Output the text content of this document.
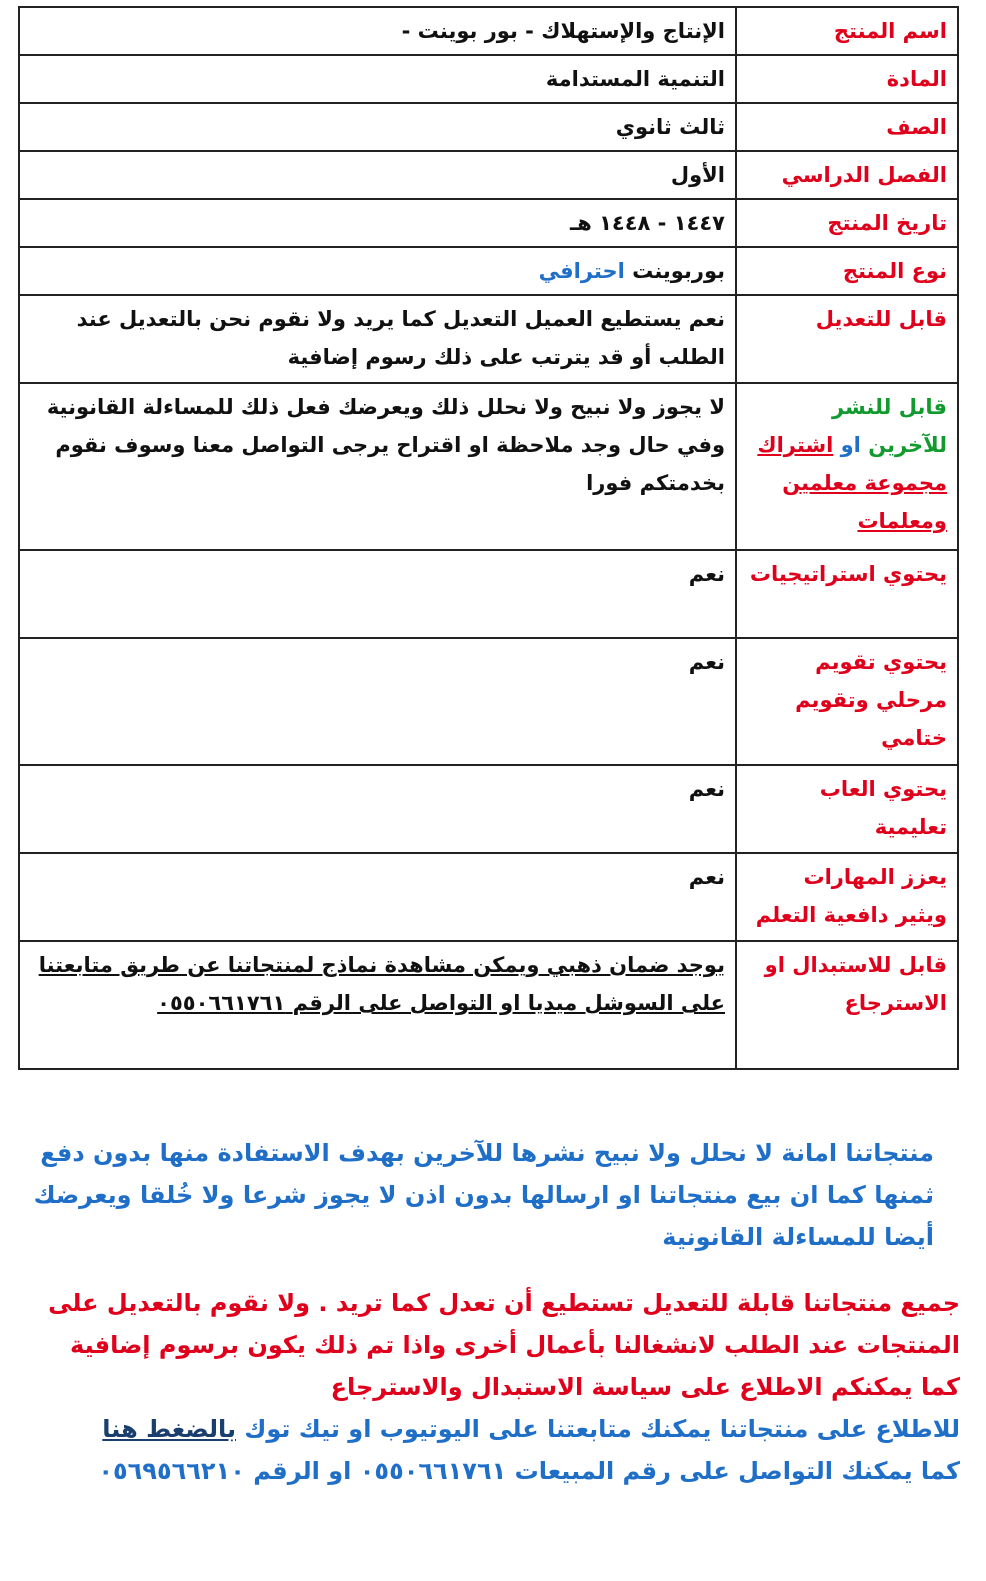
اسم المنتج	الإنتاج والإستهلاك - بور بوينت -
المادة	التنمية المستدامة
الصف	ثالث ثانوي
الفصل الدراسي	الأول
تاريخ المنتج	١٤٤٧ - ١٤٤٨ هـ
نوع المنتج	بوربوينت احترافي
قابل للتعديل	نعم يستطيع العميل التعديل كما يريد ولا نقوم نحن بالتعديل عند الطلب أو قد يترتب على ذلك رسوم إضافية
قابل للنشر للآخرين او اشتراك مجموعة معلمين ومعلمات	لا يجوز ولا نبيح ولا نحلل ذلك ويعرضك فعل ذلك للمساءلة القانونية وفي حال وجد ملاحظة او اقتراح يرجى التواصل معنا وسوف نقوم بخدمتكم فورا
يحتوي استراتيجيات	نعم
يحتوي تقويم مرحلي وتقويم ختامي	نعم
يحتوي العاب تعليمية	نعم
يعزز المهارات ويثير دافعية التعلم	نعم
قابل للاستبدال او الاسترجاع	يوجد ضمان ذهبي ويمكن مشاهدة نماذج لمنتجاتنا عن طريق متابعتنا على السوشل ميديا او التواصل على الرقم ٠٥٥٠٦٦١٧٦١

منتجاتنا امانة لا نحلل ولا نبيح نشرها للآخرين بهدف الاستفادة منها بدون دفع ثمنها كما ان بيع منتجاتنا او ارسالها بدون اذن لا يجوز شرعا ولا خُلقا ويعرضك أيضا للمساءلة القانونية

جميع منتجاتنا قابلة للتعديل تستطيع أن تعدل كما تريد . ولا نقوم بالتعديل على المنتجات عند الطلب لانشغالنا بأعمال أخرى واذا تم ذلك يكون برسوم إضافية كما يمكنكم الاطلاع على سياسة الاستبدال والاسترجاع

للاطلاع على منتجاتنا يمكنك متابعتنا على اليوتيوب او تيك توك بالضغط هنا

كما يمكنك التواصل على رقم المبيعات ٠٥٥٠٦٦١٧٦١ او الرقم ٠٥٦٩٥٦٦٢١٠
